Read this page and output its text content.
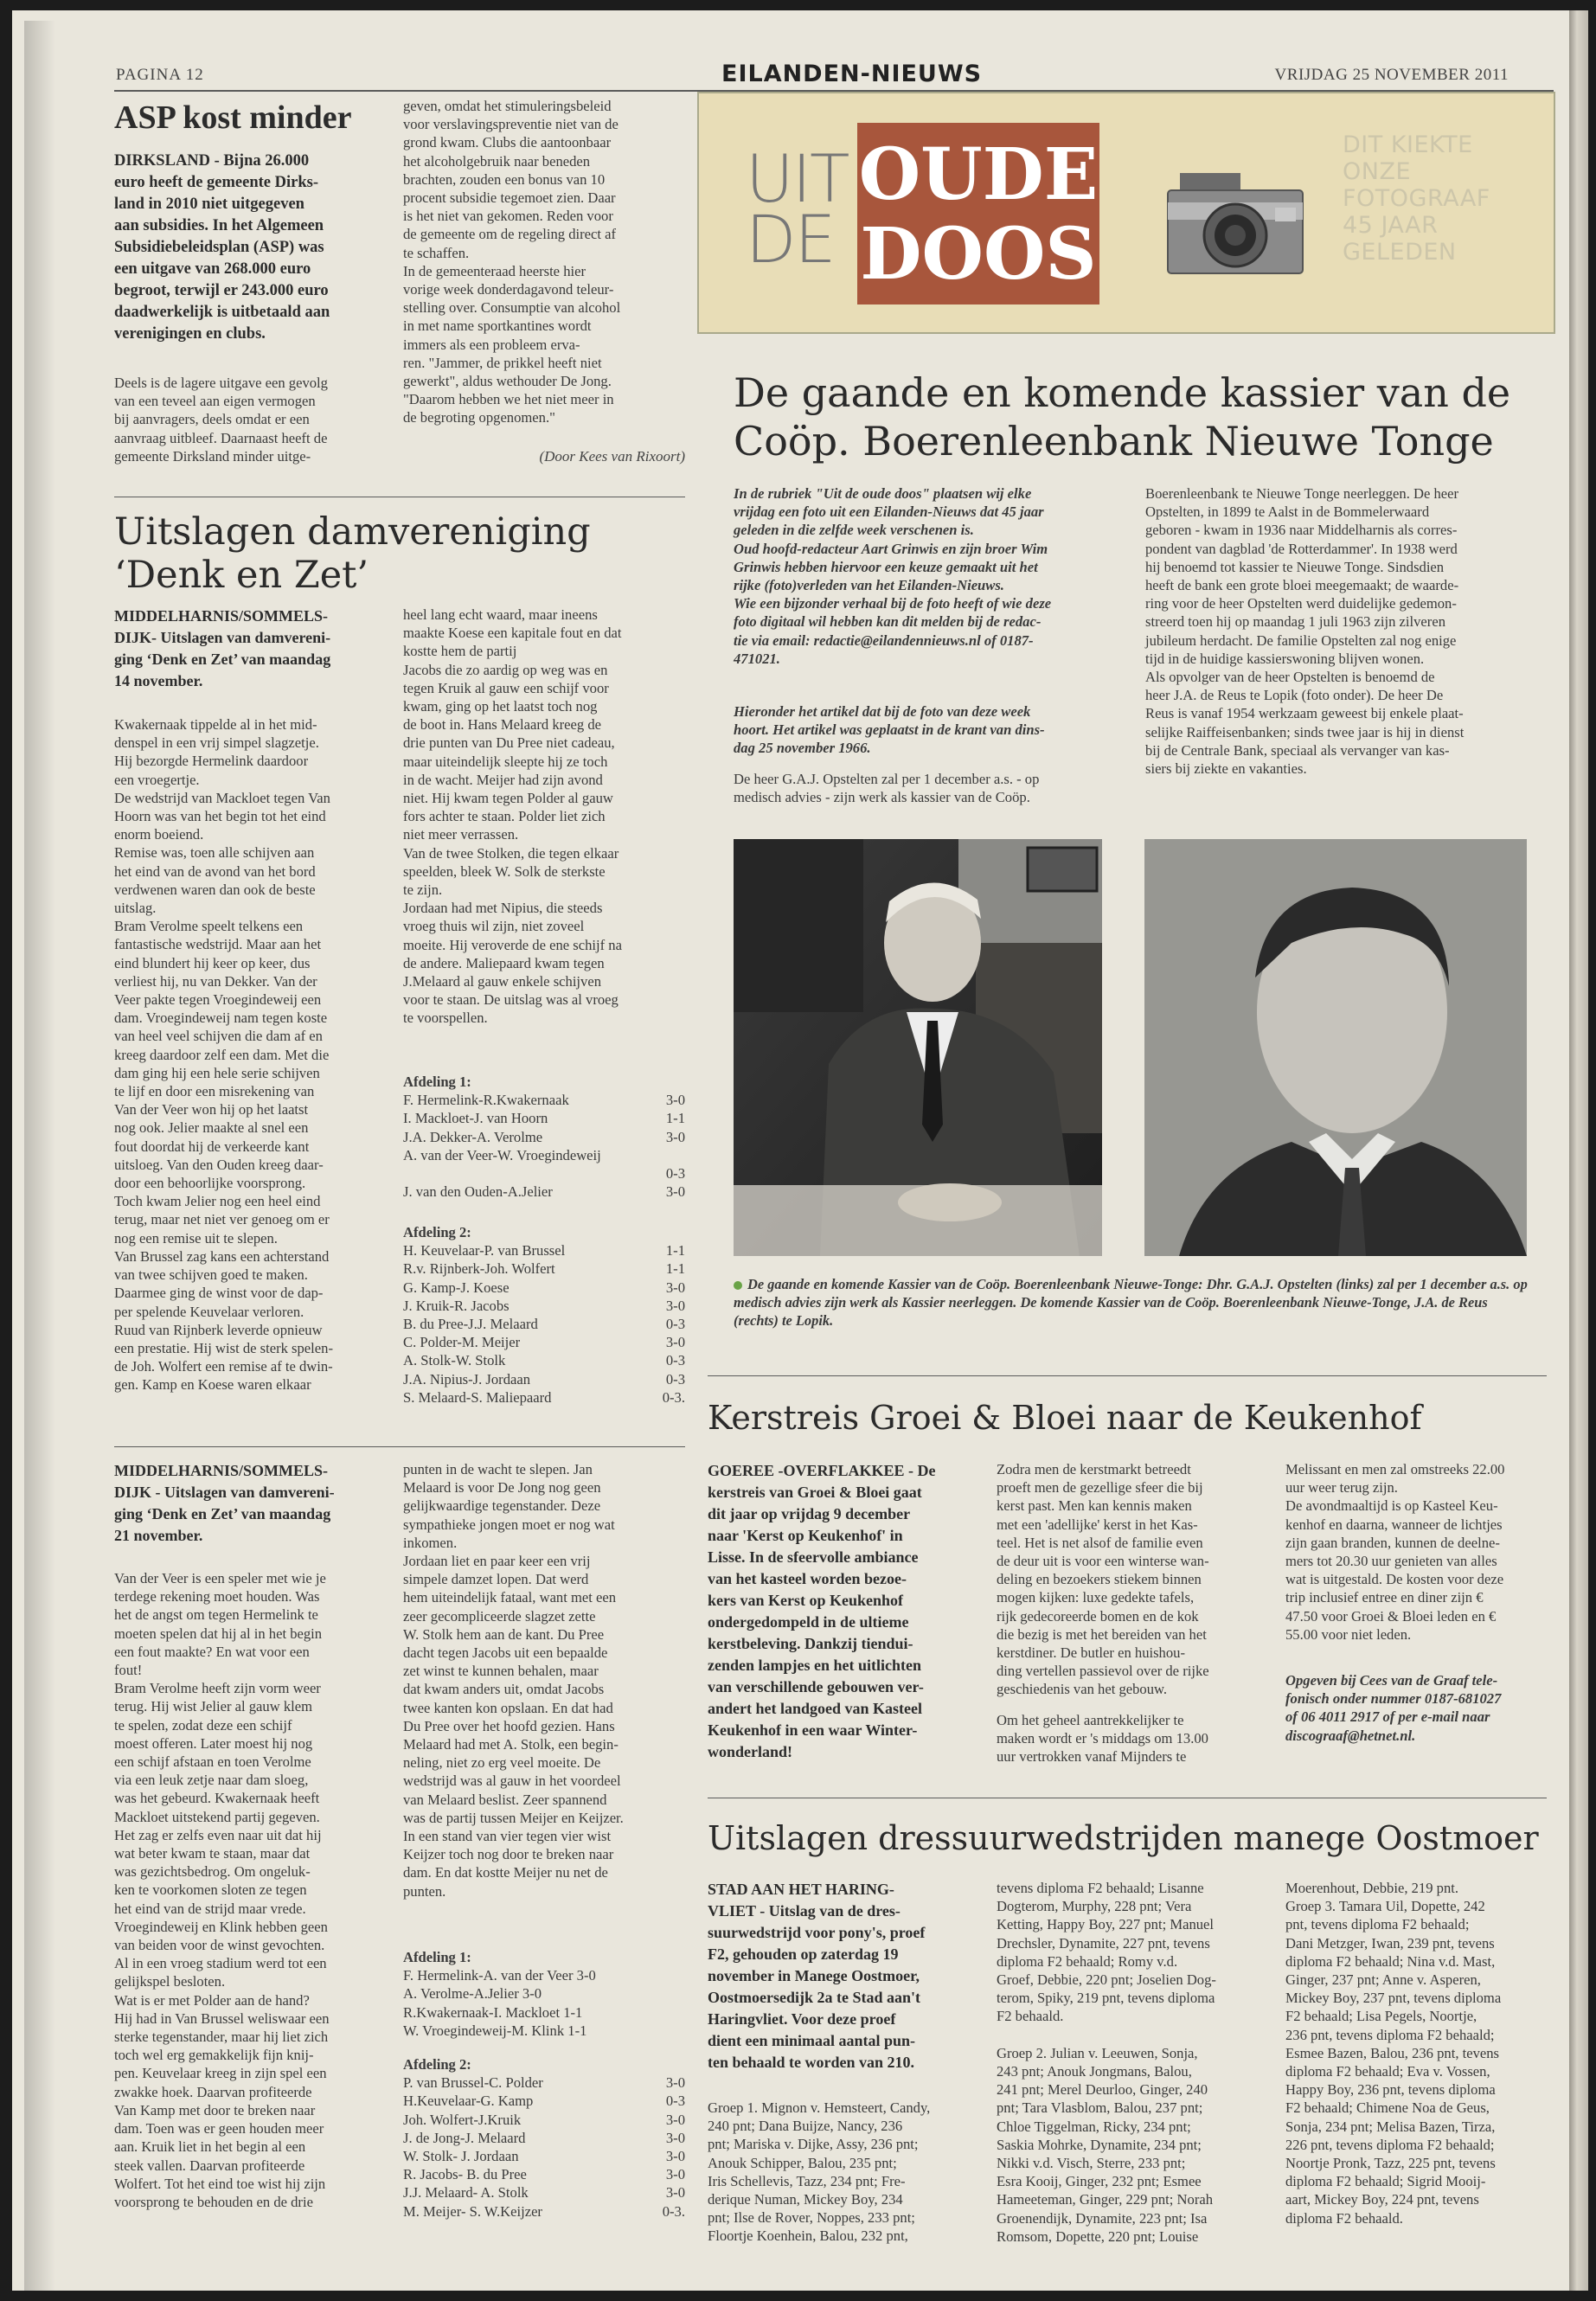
PAGINA 12	EILANDEN-NIEUWS	VRIJDAG 25 NOVEMBER 2011
ASP kost minder
DIRKSLAND - Bijna 26.000
euro heeft de gemeente Dirks-
land in 2010 niet uitgegeven
aan subsidies. In het Algemeen
Subsidiebeleidsplan (ASP) was
een uitgave van 268.000 euro
begroot, terwijl er 243.000 euro
daadwerkelijk is uitbetaald aan
verenigingen en clubs.
Deels is de lagere uitgave een gevolg
van een teveel aan eigen vermogen
bij aanvragers, deels omdat er een
aanvraag uitbleef. Daarnaast heeft de
gemeente Dirksland minder uitge-
geven, omdat het stimuleringsbeleid
voor verslavingspreventie niet van de
grond kwam. Clubs die aantoonbaar
het alcoholgebruik naar beneden
brachten, zouden een bonus van 10
procent subsidie tegemoet zien. Daar
is het niet van gekomen. Reden voor
de gemeente om de regeling direct af
te schaffen.
In de gemeenteraad heerste hier
vorige week donderdagavond teleur-
stelling over. Consumptie van alcohol
in met name sportkantines wordt
immers als een probleem erva-
ren. "Jammer, de prikkel heeft niet
gewerkt", aldus wethouder De Jong.
"Daarom hebben we het niet meer in
de begroting opgenomen."
(Door Kees van Rixoort)
Uitslagen damvereniging
‘Denk en Zet’
MIDDELHARNIS/SOMMELS-
DIJK- Uitslagen van damvereni-
ging ‘Denk en Zet’ van maandag
14 november.
Kwakernaak tippelde al in het mid-
denspel in een vrij simpel slagzetje.
Hij bezorgde Hermelink daardoor
een vroegertje.
De wedstrijd van Mackloet tegen Van
Hoorn was van het begin tot het eind
enorm boeiend.
Remise was, toen alle schijven aan
het eind van de avond van het bord
verdwenen waren dan ook de beste
uitslag.
Bram Verolme speelt telkens een
fantastische wedstrijd. Maar aan het
eind blundert hij keer op keer, dus
verliest hij, nu van Dekker. Van der
Veer pakte tegen Vroegindeweij een
dam. Vroegindeweij nam tegen koste
van heel veel schijven die dam af en
kreeg daardoor zelf een dam. Met die
dam ging hij een hele serie schijven
te lijf en door een misrekening van
Van der Veer won hij op het laatst
nog ook. Jelier maakte al snel een
fout doordat hij de verkeerde kant
uitsloeg. Van den Ouden kreeg daar-
door een behoorlijke voorsprong.
Toch kwam Jelier nog een heel eind
terug, maar net niet ver genoeg om er
nog een remise uit te slepen.
Van Brussel zag kans een achterstand
van twee schijven goed te maken.
Daarmee ging de winst voor de dap-
per spelende Keuvelaar verloren.
Ruud van Rijnberk leverde opnieuw
een prestatie. Hij wist de sterk spelen-
de Joh. Wolfert een remise af te dwin-
gen. Kamp en Koese waren elkaar
heel lang echt waard, maar ineens
maakte Koese een kapitale fout en dat
kostte hem de partij
Jacobs die zo aardig op weg was en
tegen Kruik al gauw een schijf voor
kwam, ging op het laatst toch nog
de boot in. Hans Melaard kreeg de
drie punten van Du Pree niet cadeau,
maar uiteindelijk sleepte hij ze toch
in de wacht. Meijer had zijn avond
niet. Hij kwam tegen Polder al gauw
fors achter te staan. Polder liet zich
niet meer verrassen.
Van de twee Stolken, die tegen elkaar
speelden, bleek W. Solk de sterkste
te zijn.
Jordaan had met Nipius, die steeds
vroeg thuis wil zijn, niet zoveel
moeite. Hij veroverde de ene schijf na
de andere. Maliepaard kwam tegen
J.Melaard al gauw enkele schijven
voor te staan. De uitslag was al vroeg
te voorspellen.
Afdeling 1:
F. Hermelink-R.Kwakernaak	3-0
I. Mackloet-J. van Hoorn	1-1
J.A. Dekker-A. Verolme	3-0
A. van der Veer-W. Vroegindeweij	
	0-3
J. van den Ouden-A.Jelier	3-0
Afdeling 2:
H. Keuvelaar-P. van Brussel	1-1
R.v. Rijnberk-Joh. Wolfert	1-1
G. Kamp-J. Koese	3-0
J. Kruik-R. Jacobs	3-0
B. du Pree-J.J. Melaard	0-3
C. Polder-M. Meijer	3-0
A. Stolk-W. Stolk	0-3
J.A. Nipius-J. Jordaan	0-3
S. Melaard-S. Maliepaard	0-3.
MIDDELHARNIS/SOMMELS-
DIJK - Uitslagen van damvereni-
ging ‘Denk en Zet’ van maandag
21 november.
Van der Veer is een speler met wie je
terdege rekening moet houden. Was
het de angst om tegen Hermelink te
moeten spelen dat hij al in het begin
een fout maakte? En wat voor een
fout!
Bram Verolme heeft zijn vorm weer
terug. Hij wist Jelier al gauw klem
te spelen, zodat deze een schijf
moest offeren. Later moest hij nog
een schijf afstaan en toen Verolme
via een leuk zetje naar dam sloeg,
was het gebeurd. Kwakernaak heeft
Mackloet uitstekend partij gegeven.
Het zag er zelfs even naar uit dat hij
wat beter kwam te staan, maar dat
was gezichtsbedrog. Om ongeluk-
ken te voorkomen sloten ze tegen
het eind van de strijd maar vrede.
Vroegindeweij en Klink hebben geen
van beiden voor de winst gevochten.
Al in een vroeg stadium werd tot een
gelijkspel besloten.
Wat is er met Polder aan de hand?
Hij had in Van Brussel weliswaar een
sterke tegenstander, maar hij liet zich
toch wel erg gemakkelijk fijn knij-
pen. Keuvelaar kreeg in zijn spel een
zwakke hoek. Daarvan profiteerde
Van Kamp met door te breken naar
dam. Toen was er geen houden meer
aan. Kruik liet in het begin al een
steek vallen. Daarvan profiteerde
Wolfert. Tot het eind toe wist hij zijn
voorsprong te behouden en de drie
punten in de wacht te slepen. Jan
Melaard is voor De Jong nog geen
gelijkwaardige tegenstander. Deze
sympathieke jongen moet er nog wat
inkomen.
Jordaan liet en paar keer een vrij
simpele damzet lopen. Dat werd
hem uiteindelijk fataal, want met een
zeer gecompliceerde slagzet zette
W. Stolk hem aan de kant. Du Pree
dacht tegen Jacobs uit een bepaalde
zet winst te kunnen behalen, maar
dat kwam anders uit, omdat Jacobs
twee kanten kon opslaan. En dat had
Du Pree over het hoofd gezien. Hans
Melaard had met A. Stolk, een begin-
neling, niet zo erg veel moeite. De
wedstrijd was al gauw in het voordeel
van Melaard beslist. Zeer spannend
was de partij tussen Meijer en Keijzer.
In een stand van vier tegen vier wist
Keijzer toch nog door te breken naar
dam. En dat kostte Meijer nu net de
punten.
Afdeling 1:
F. Hermelink-A. van der Veer 3-0
A. Verolme-A.Jelier 3-0
R.Kwakernaak-I. Mackloet 1-1
W. Vroegindeweij-M. Klink 1-1
Afdeling 2:
P. van Brussel-C. Polder	3-0
H.Keuvelaar-G. Kamp	0-3
Joh. Wolfert-J.Kruik	3-0
J. de Jong-J. Melaard	3-0
W. Stolk- J. Jordaan	3-0
R. Jacobs- B. du Pree	3-0
J.J. Melaard- A. Stolk	3-0
M. Meijer- S. W.Keijzer	0-3.
UIT
DE
OUDE
DOOS
DIT KIEKTE
ONZE
FOTOGRAAF
45 JAAR
GELEDEN
De gaande en komende kassier van de
Coöp. Boerenleenbank Nieuwe Tonge
In de rubriek "Uit de oude doos" plaatsen wij elke
vrijdag een foto uit een Eilanden-Nieuws dat 45 jaar
geleden in die zelfde week verschenen is.
Oud hoofd-redacteur Aart Grinwis en zijn broer Wim
Grinwis hebben hiervoor een keuze gemaakt uit het
rijke (foto)verleden van het Eilanden-Nieuws.
Wie een bijzonder verhaal bij de foto heeft of wie deze
foto digitaal wil hebben kan dit melden bij de redac-
tie via email: redactie@eilandennieuws.nl of 0187-
471021.
Hieronder het artikel dat bij de foto van deze week
hoort. Het artikel was geplaatst in de krant van dins-
dag 25 november 1966.
De heer G.A.J. Opstelten zal per 1 december a.s. - op
medisch advies - zijn werk als kassier van de Coöp.
Boerenleenbank te Nieuwe Tonge neerleggen. De heer
Opstelten, in 1899 te Aalst in de Bommelerwaard
geboren - kwam in 1936 naar Middelharnis als corres-
pondent van dagblad 'de Rotterdammer'. In 1938 werd
hij benoemd tot kassier te Nieuwe Tonge. Sindsdien
heeft de bank een grote bloei meegemaakt; de waarde-
ring voor de heer Opstelten werd duidelijke gedemon-
streerd toen hij op maandag 1 juli 1963 zijn zilveren
jubileum herdacht. De familie Opstelten zal nog enige
tijd in de huidige kassierswoning blijven wonen.
Als opvolger van de heer Opstelten is benoemd de
heer J.A. de Reus te Lopik (foto onder). De heer De
Reus is vanaf 1954 werkzaam geweest bij enkele plaat-
selijke Raiffeisenbanken; sinds twee jaar is hij in dienst
bij de Centrale Bank, speciaal als vervanger van kas-
siers bij ziekte en vakanties.
De gaande en komende Kassier van de Coöp. Boerenleenbank Nieuwe-Tonge: Dhr. G.A.J. Opstelten (links) zal per 1 december a.s. op medisch advies zijn werk als Kassier neerleggen. De komende Kassier van de Coöp. Boerenleenbank Nieuwe-Tonge, J.A. de Reus (rechts) te Lopik.
Kerstreis Groei & Bloei naar de Keukenhof
GOEREE -OVERFLAKKEE - De
kerstreis van Groei & Bloei gaat
dit jaar op vrijdag 9 december
naar 'Kerst op Keukenhof' in
Lisse. In de sfeervolle ambiance
van het kasteel worden bezoe-
kers van Kerst op Keukenhof
ondergedompeld in de ultieme
kerstbeleving. Dankzij tiendui-
zenden lampjes en het uitlichten
van verschillende gebouwen ver-
andert het landgoed van Kasteel
Keukenhof in een waar Winter-
wonderland!
Zodra men de kerstmarkt betreedt
proeft men de gezellige sfeer die bij
kerst past. Men kan kennis maken
met een 'adellijke' kerst in het Kas-
teel. Het is net alsof de familie even
de deur uit is voor een winterse wan-
deling en bezoekers stiekem binnen
mogen kijken: luxe gedekte tafels,
rijk gedecoreerde bomen en de kok
die bezig is met het bereiden van het
kerstdiner. De butler en huishou-
ding vertellen passievol over de rijke
geschiedenis van het gebouw.
Om het geheel aantrekkelijker te
maken wordt er 's middags om 13.00
uur vertrokken vanaf Mijnders te
Melissant en men zal omstreeks 22.00
uur weer terug zijn.
De avondmaaltijd is op Kasteel Keu-
kenhof en daarna, wanneer de lichtjes
zijn gaan branden, kunnen de deelne-
mers tot 20.30 uur genieten van alles
wat is uitgestald. De kosten voor deze
trip inclusief entree en diner zijn €
47.50 voor Groei & Bloei leden en €
55.00 voor niet leden.
Opgeven bij Cees van de Graaf tele-
fonisch onder nummer 0187-681027
of 06 4011 2917 of per e-mail naar
discograaf@hetnet.nl.
Uitslagen dressuurwedstrijden manege Oostmoer
STAD AAN HET HARING-
VLIET - Uitslag van de dres-
suurwedstrijd voor pony's, proef
F2, gehouden op zaterdag 19
november in Manege Oostmoer,
Oostmoersedijk 2a te Stad aan't
Haringvliet. Voor deze proef
dient een minimaal aantal pun-
ten behaald te worden van 210.
Groep 1. Mignon v. Hemsteert, Candy,
240 pnt; Dana Buijze, Nancy, 236
pnt; Mariska v. Dijke, Assy, 236 pnt;
Anouk Schipper, Balou, 235 pnt;
Iris Schellevis, Tazz, 234 pnt; Fre-
derique Numan, Mickey Boy, 234
pnt; Ilse de Rover, Noppes, 233 pnt;
Floortje Koenhein, Balou, 232 pnt,
tevens diploma F2 behaald; Lisanne
Dogterom, Murphy, 228 pnt; Vera
Ketting, Happy Boy, 227 pnt; Manuel
Drechsler, Dynamite, 227 pnt, tevens
diploma F2 behaald; Romy v.d.
Groef, Debbie, 220 pnt; Joselien Dog-
terom, Spiky, 219 pnt, tevens diploma
F2 behaald.

Groep 2. Julian v. Leeuwen, Sonja,
243 pnt; Anouk Jongmans, Balou,
241 pnt; Merel Deurloo, Ginger, 240
pnt; Tara Vlasblom, Balou, 237 pnt;
Chloe Tiggelman, Ricky, 234 pnt;
Saskia Mohrke, Dynamite, 234 pnt;
Nikki v.d. Visch, Sterre, 233 pnt;
Esra Kooij, Ginger, 232 pnt; Esmee
Hameeteman, Ginger, 229 pnt; Norah
Groenendijk, Dynamite, 223 pnt; Isa
Romsom, Dopette, 220 pnt; Louise
Moerenhout, Debbie, 219 pnt.
Groep 3. Tamara Uil, Dopette, 242
pnt, tevens diploma F2 behaald;
Dani Metzger, Iwan, 239 pnt, tevens
diploma F2 behaald; Nina v.d. Mast,
Ginger, 237 pnt; Anne v. Asperen,
Mickey Boy, 237 pnt, tevens diploma
F2 behaald; Lisa Pegels, Noortje,
236 pnt, tevens diploma F2 behaald;
Esmee Bazen, Balou, 236 pnt, tevens
diploma F2 behaald; Eva v. Vossen,
Happy Boy, 236 pnt, tevens diploma
F2 behaald; Chimene Noa de Geus,
Sonja, 234 pnt; Melisa Bazen, Tirza,
226 pnt, tevens diploma F2 behaald;
Noortje Pronk, Tazz, 225 pnt, tevens
diploma F2 behaald; Sigrid Mooij-
aart, Mickey Boy, 224 pnt, tevens
diploma F2 behaald.
